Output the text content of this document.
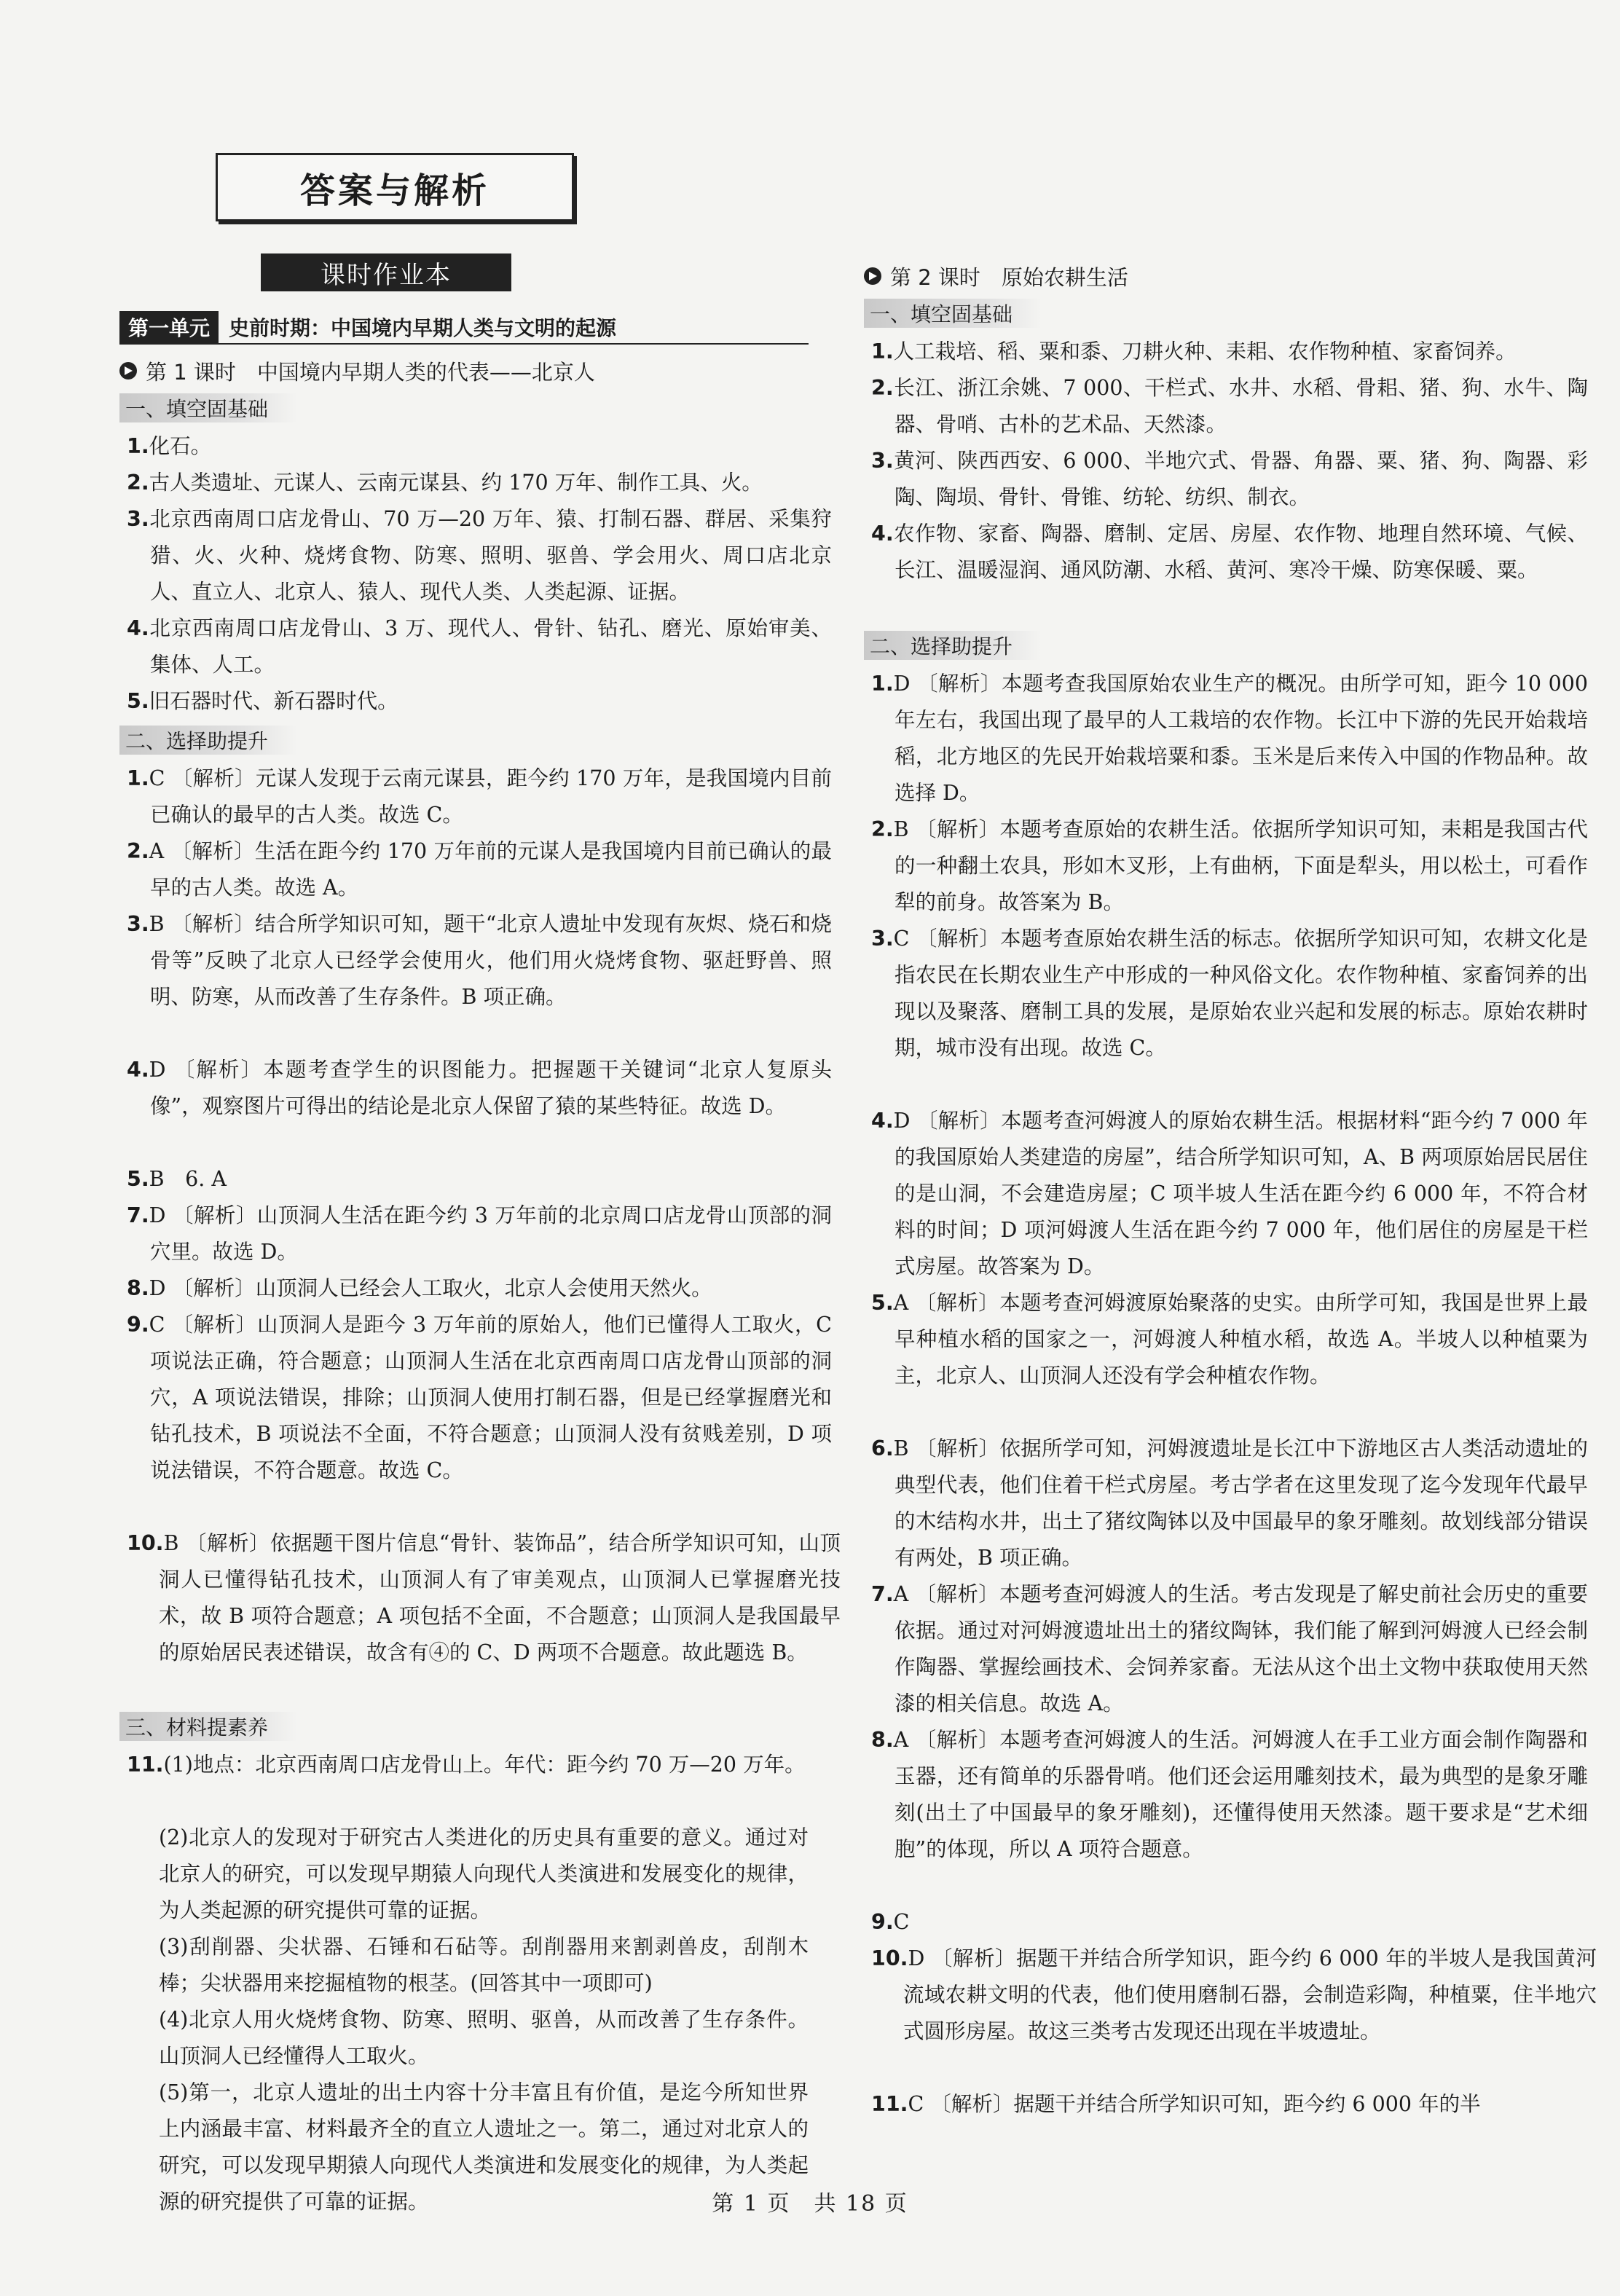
答案与解析
课时作业本
第一单元 史前时期：中国境内早期人类与文明的起源
第 1 课时　中国境内早期人类的代表——北京人
一、填空固基础
1.化石。
2.古人类遗址、元谋人、云南元谋县、约 170 万年、制作工具、火。
3.北京西南周口店龙骨山、70 万—20 万年、猿、打制石器、群居、采集狩猎、火、火种、烧烤食物、防寒、照明、驱兽、学会用火、周口店北京人、直立人、北京人、猿人、现代人类、人类起源、证据。
4.北京西南周口店龙骨山、3 万、现代人、骨针、钻孔、磨光、原始审美、集体、人工。
5.旧石器时代、新石器时代。
二、选择助提升
1.C 〔解析〕元谋人发现于云南元谋县，距今约 170 万年，是我国境内目前已确认的最早的古人类。故选 C。
2.A 〔解析〕生活在距今约 170 万年前的元谋人是我国境内目前已确认的最早的古人类。故选 A。
3.B 〔解析〕结合所学知识可知，题干“北京人遗址中发现有灰烬、烧石和烧骨等”反映了北京人已经学会使用火，他们用火烧烤食物、驱赶野兽、照明、防寒，从而改善了生存条件。B 项正确。
4.D 〔解析〕本题考查学生的识图能力。把握题干关键词“北京人复原头像”，观察图片可得出的结论是北京人保留了猿的某些特征。故选 D。
5.B　6. A
7.D 〔解析〕山顶洞人生活在距今约 3 万年前的北京周口店龙骨山顶部的洞穴里。故选 D。
8.D 〔解析〕山顶洞人已经会人工取火，北京人会使用天然火。
9.C 〔解析〕山顶洞人是距今 3 万年前的原始人，他们已懂得人工取火，C 项说法正确，符合题意；山顶洞人生活在北京西南周口店龙骨山顶部的洞穴，A 项说法错误，排除；山顶洞人使用打制石器，但是已经掌握磨光和钻孔技术，B 项说法不全面，不符合题意；山顶洞人没有贫贱差别，D 项说法错误，不符合题意。故选 C。
10.B 〔解析〕依据题干图片信息“骨针、装饰品”，结合所学知识可知，山顶洞人已懂得钻孔技术，山顶洞人有了审美观点，山顶洞人已掌握磨光技术，故 B 项符合题意；A 项包括不全面，不合题意；山顶洞人是我国最早的原始居民表述错误，故含有④的 C、D 两项不合题意。故此题选 B。
三、材料提素养
11.(1)地点：北京西南周口店龙骨山上。年代：距今约 70 万—20 万年。
(2)北京人的发现对于研究古人类进化的历史具有重要的意义。通过对北京人的研究，可以发现早期猿人向现代人类演进和发展变化的规律，为人类起源的研究提供可靠的证据。
(3)刮削器、尖状器、石锤和石砧等。刮削器用来割剥兽皮，刮削木棒；尖状器用来挖掘植物的根茎。(回答其中一项即可)
(4)北京人用火烧烤食物、防寒、照明、驱兽，从而改善了生存条件。山顶洞人已经懂得人工取火。
(5)第一，北京人遗址的出土内容十分丰富且有价值，是迄今所知世界上内涵最丰富、材料最齐全的直立人遗址之一。第二，通过对北京人的研究，可以发现早期猿人向现代人类演进和发展变化的规律，为人类起源的研究提供了可靠的证据。
第 2 课时　原始农耕生活
一、填空固基础
1.人工栽培、稻、粟和黍、刀耕火种、耒耜、农作物种植、家畜饲养。
2.长江、浙江余姚、7 000、干栏式、水井、水稻、骨耜、猪、狗、水牛、陶器、骨哨、古朴的艺术品、天然漆。
3.黄河、陕西西安、6 000、半地穴式、骨器、角器、粟、猪、狗、陶器、彩陶、陶埙、骨针、骨锥、纺轮、纺织、制衣。
4.农作物、家畜、陶器、磨制、定居、房屋、农作物、地理自然环境、气候、长江、温暖湿润、通风防潮、水稻、黄河、寒冷干燥、防寒保暖、粟。
二、选择助提升
1.D 〔解析〕本题考查我国原始农业生产的概况。由所学可知，距今 10 000 年左右，我国出现了最早的人工栽培的农作物。长江中下游的先民开始栽培稻，北方地区的先民开始栽培粟和黍。玉米是后来传入中国的作物品种。故选择 D。
2.B 〔解析〕本题考查原始的农耕生活。依据所学知识可知，耒耜是我国古代的一种翻土农具，形如木叉形，上有曲柄，下面是犁头，用以松土，可看作犁的前身。故答案为 B。
3.C 〔解析〕本题考查原始农耕生活的标志。依据所学知识可知，农耕文化是指农民在长期农业生产中形成的一种风俗文化。农作物种植、家畜饲养的出现以及聚落、磨制工具的发展，是原始农业兴起和发展的标志。原始农耕时期，城市没有出现。故选 C。
4.D 〔解析〕本题考查河姆渡人的原始农耕生活。根据材料“距今约 7 000 年的我国原始人类建造的房屋”，结合所学知识可知，A、B 两项原始居民居住的是山洞，不会建造房屋；C 项半坡人生活在距今约 6 000 年，不符合材料的时间；D 项河姆渡人生活在距今约 7 000 年，他们居住的房屋是干栏式房屋。故答案为 D。
5.A 〔解析〕本题考查河姆渡原始聚落的史实。由所学可知，我国是世界上最早种植水稻的国家之一，河姆渡人种植水稻，故选 A。半坡人以种植粟为主，北京人、山顶洞人还没有学会种植农作物。
6.B 〔解析〕依据所学可知，河姆渡遗址是长江中下游地区古人类活动遗址的典型代表，他们住着干栏式房屋。考古学者在这里发现了迄今发现年代最早的木结构水井，出土了猪纹陶钵以及中国最早的象牙雕刻。故划线部分错误有两处，B 项正确。
7.A 〔解析〕本题考查河姆渡人的生活。考古发现是了解史前社会历史的重要依据。通过对河姆渡遗址出土的猪纹陶钵，我们能了解到河姆渡人已经会制作陶器、掌握绘画技术、会饲养家畜。无法从这个出土文物中获取使用天然漆的相关信息。故选 A。
8.A 〔解析〕本题考查河姆渡人的生活。河姆渡人在手工业方面会制作陶器和玉器，还有简单的乐器骨哨。他们还会运用雕刻技术，最为典型的是象牙雕刻(出土了中国最早的象牙雕刻)，还懂得使用天然漆。题干要求是“艺术细胞”的体现，所以 A 项符合题意。
9.C
10.D 〔解析〕据题干并结合所学知识，距今约 6 000 年的半坡人是我国黄河流域农耕文明的代表，他们使用磨制石器，会制造彩陶，种植粟，住半地穴式圆形房屋。故这三类考古发现还出现在半坡遗址。
11.C 〔解析〕据题干并结合所学知识可知，距今约 6 000 年的半
第 1 页　共 18 页
